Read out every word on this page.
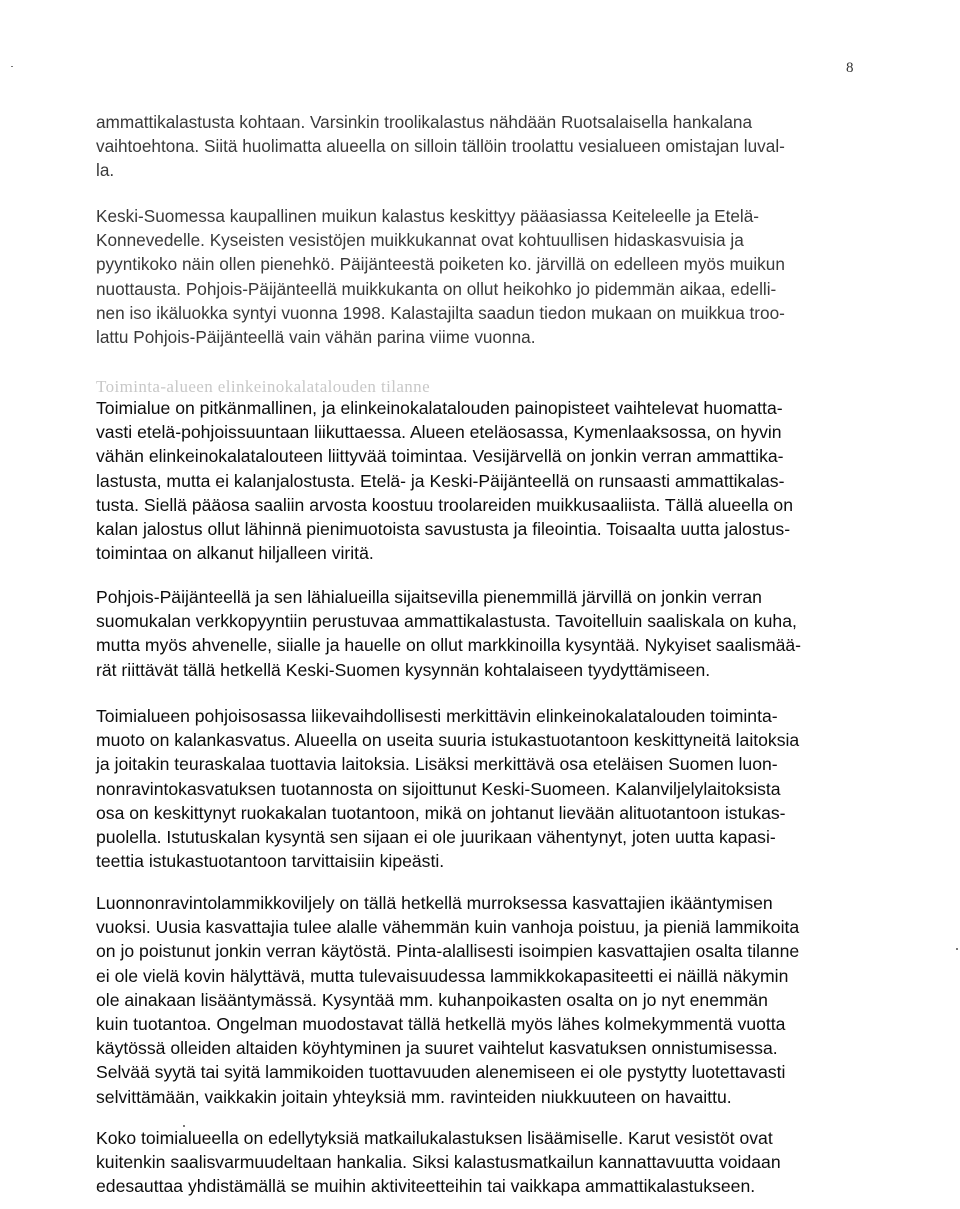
8
ammattikalastusta kohtaan. Varsinkin troolikalastus nähdään Ruotsalaisella hankalana
vaihtoehtona. Siitä huolimatta alueella on silloin tällöin troolattu vesialueen omistajan luval-
la.
Keski-Suomessa kaupallinen muikun kalastus keskittyy pääasiassa Keiteleelle ja Etelä-
Konnevedelle. Kyseisten vesistöjen muikkukannat ovat kohtuullisen hidaskasvuisia ja
pyyntikoko näin ollen pienehkö. Päijänteestä poiketen ko. järvillä on edelleen myös muikun
nuottausta. Pohjois-Päijänteellä muikkukanta on ollut heikohko jo pidemmän aikaa, edelli-
nen iso ikäluokka syntyi vuonna 1998. Kalastajilta saadun tiedon mukaan on muikkua troo-
lattu Pohjois-Päijänteellä vain vähän parina viime vuonna.
Toiminta-alueen elinkeinokalatalouden tilanne
Toimialue on pitkänmallinen, ja elinkeinokalatalouden painopisteet vaihtelevat huomatta-
vasti etelä-pohjoissuuntaan liikuttaessa. Alueen eteläosassa, Kymenlaaksossa, on hyvin
vähän elinkeinokalatalouteen liittyvää toimintaa. Vesijärvellä on jonkin verran ammattika-
lastusta, mutta ei kalanjalostusta. Etelä- ja Keski-Päijänteellä on runsaasti ammattikalas-
tusta. Siellä pääosa saaliin arvosta koostuu troolareiden muikkusaaliista. Tällä alueella on
kalan jalostus ollut lähinnä pienimuotoista savustusta ja fileointia. Toisaalta uutta jalostus-
toimintaa on alkanut hiljalleen viritä.
Pohjois-Päijänteellä ja sen lähialueilla sijaitsevilla pienemmillä järvillä on jonkin verran
suomukalan verkkopyyntiin perustuvaa ammattikalastusta. Tavoitelluin saaliskala on kuha,
mutta myös ahvenelle, siialle ja hauelle on ollut markkinoilla kysyntää. Nykyiset saalismää-
rät riittävät tällä hetkellä Keski-Suomen kysynnän kohtalaiseen tyydyttämiseen.
Toimialueen pohjoisosassa liikevaihdollisesti merkittävin elinkeinokalatalouden toiminta-
muoto on kalankasvatus. Alueella on useita suuria istukastuotantoon keskittyneitä laitoksia
ja joitakin teuraskalaa tuottavia laitoksia. Lisäksi merkittävä osa eteläisen Suomen luon-
nonravintokasvatuksen tuotannosta on sijoittunut Keski-Suomeen. Kalanviljelylaitoksista
osa on keskittynyt ruokakalan tuotantoon, mikä on johtanut lievään alituotantoon istukas-
puolella. Istutuskalan kysyntä sen sijaan ei ole juurikaan vähentynyt, joten uutta kapasi-
teettia istukastuotantoon tarvittaisiin kipeästi.
Luonnonravintolammikkoviljely on tällä hetkellä murroksessa kasvattajien ikääntymisen
vuoksi. Uusia kasvattajia tulee alalle vähemmän kuin vanhoja poistuu, ja pieniä lammikoita
on jo poistunut jonkin verran käytöstä. Pinta-alallisesti isoimpien kasvattajien osalta tilanne
ei ole vielä kovin hälyttävä, mutta tulevaisuudessa lammikkokapasiteetti ei näillä näkymin
ole ainakaan lisääntymässä. Kysyntää mm. kuhanpoikasten osalta on jo nyt enemmän
kuin tuotantoa. Ongelman muodostavat tällä hetkellä myös lähes kolmekymmentä vuotta
käytössä olleiden altaiden köyhtyminen ja suuret vaihtelut kasvatuksen onnistumisessa.
Selvää syytä tai syitä lammikoiden tuottavuuden alenemiseen ei ole pystytty luotettavasti
selvittämään, vaikkakin joitain yhteyksiä mm. ravinteiden niukkuuteen on havaittu.
Koko toimialueella on edellytyksiä matkailukalastuksen lisäämiselle. Karut vesistöt ovat
kuitenkin saalisvarmuudeltaan hankalia. Siksi kalastusmatkailun kannattavuutta voidaan
edesauttaa yhdistämällä se muihin aktiviteetteihin tai vaikkapa ammattikalastukseen.
